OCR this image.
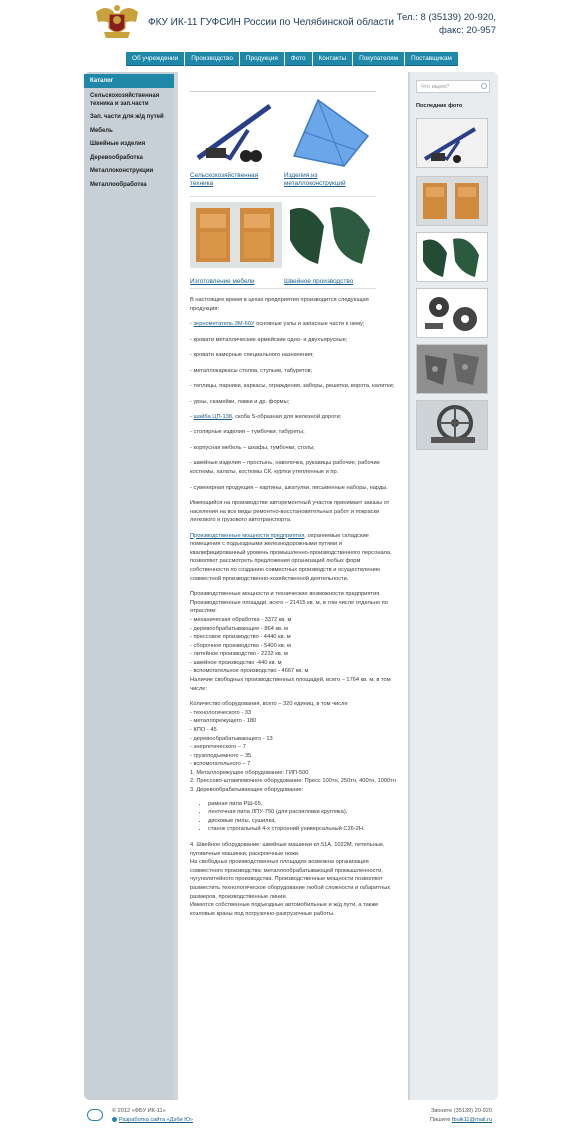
ФКУ ИК-11 ГУФСИН России по Челябинской области Тел.: 8 (35139) 20-920,
факс: 20-957
Об учреждении	Производство	Продукция	Фото	Контакты	Покупателям	Поставщикам
Каталог
Сельскохозяйственная техника и зап.части
Зап. части для ж/д путей
Мебель
Швейные изделия
Деревообработка
Металлоконструкции
Металлообработка
Что ищем?
Последние фото
Сельскохозяйственная техника
Изделия из металлоконструкций
Изготовление мебели	Швейное производство
В настоящее время в цехах предприятия производится следующая продукция:
- зернометатель ЗМ-60У основные узлы и запасные части к нему;
- кровати металлические армейские одно- и двухъярусные;
- кровати камерные специального назначения;
- металлокаркасы столов, стульев, табуретов;
- теплицы, парники, каркасы, ограждения, заборы, решетки, ворота, калитки;
- урны, скамейки, лавки и др. формы;
- шайба ЦП-138, скоба S-образная для железной дороги;
- столярные изделия – тумбочки, табуреты;
- корпусная мебель – шкафы, тумбочки, столы;
- швейные изделия – простынь, наволочка, рукавицы рабочие, рабочие костюмы, халаты, костюмы СК, куртки утепленные и пр.
- сувенирная продукция – картины, шкатулки, письменные наборы, нарды.
Имеющийся на производстве авторемонтный участок принимает заказы от населения на все виды ремонтно-восстановительных работ и покраски легкового и грузового автотранспорта.
Производственные мощности предприятия, охраняемые складские помещения с подъездными железнодорожными путями и квалифицированный уровень промышленно-производственного персонала, позволяют рассмотреть предложения организаций любых форм собственности по созданию совместных производств и осуществлению совместной производственно-хозяйственной деятельности.
Производственные мощности и технические возможности предприятия.
Производственные площади, всего – 21415 кв. м, в том числе отдельно по отраслям:
- механическая обработка - 3372 кв. м
- деревообрабатывающее - 864 кв. м
- прессовое производство - 4440 кв. м
- сборочное производство - 5400 кв. м
- литейное производство - 2232 кв. м
- швейное производство -440 кв. м
- вспомогательное производство - 4667 кв. м
Наличие свободных производственных площадей, всего – 1764 кв. м, в том числе:
Количество оборудования, всего – 320 единиц, в том числе
- технологического - 33
- металлорежущего - 180
- КПО - 45
- деревообрабатывающего - 13
- энергетического – 7
- грузоподъемного – 35
- вспомогательного – 7
1. Металлорежущее оборудование: ГИП-500
2. Прессово-штамповочное оборудование: Пресс 100тн, 250тн, 400тн, 1000тн
3. Деревообрабатывающее оборудование:
• рамная пила РШ-65,
• ленточная пила ЛПУ-750 (для распиловки кругляка),
• дисковые пилы, сушилка,
• станок строгальный 4-х сторонний универсальный С26-2Н.
4. Швейное оборудование: швейные машинки кл.51А, 1022М, петельные, пуговичные машинки, раскроечные ножи.
На свободных производственных площадях возможна организация совместного производства: металлообрабатывающей промышленности, чугунолитейного производства. Производственные мощности позволяют разместить технологическое оборудование любой сложности и габаритных размеров, производственные линии.
Имеются собственные подъездные автомобильные и ж/д пути, а также козловые краны под погрузочно-разгрузочные работы.
© 2012 «ФБУ ИК-11»
Разработка сайта «Дэби Ю»
Звоните (35139) 20-920
Пишите fbuik11@mail.ru
